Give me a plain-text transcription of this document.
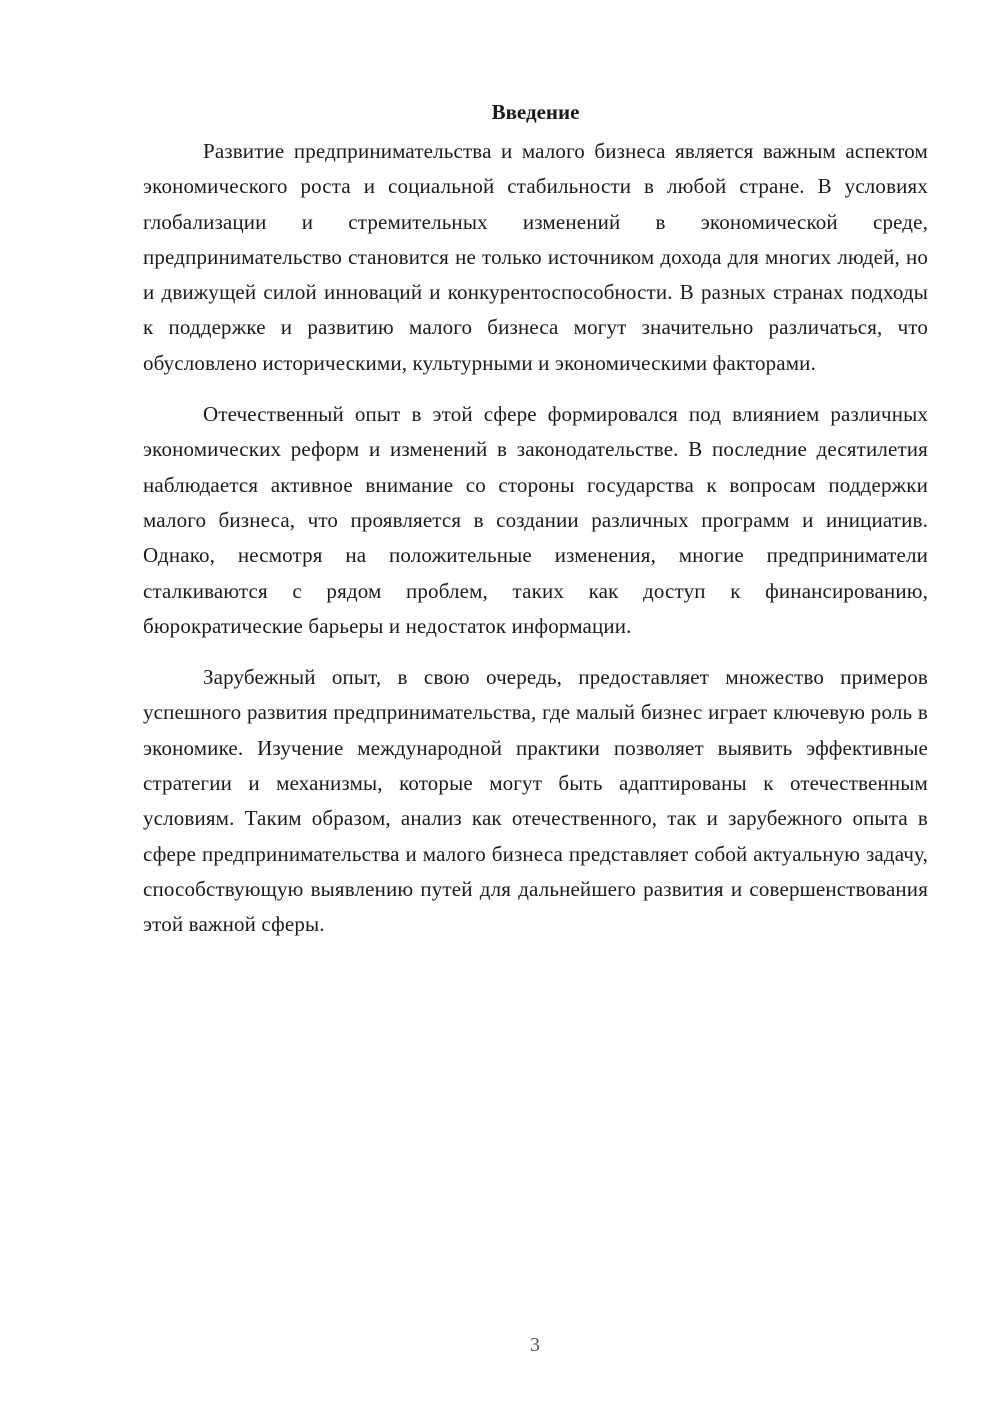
Введение

Развитие предпринимательства и малого бизнеса является важным аспектом экономического роста и социальной стабильности в любой стране. В условиях глобализации и стремительных изменений в экономической среде, предпринимательство становится не только источником дохода для многих людей, но и движущей силой инноваций и конкурентоспособности. В разных странах подходы к поддержке и развитию малого бизнеса могут значительно различаться, что обусловлено историческими, культурными и экономическими факторами.

Отечественный опыт в этой сфере формировался под влиянием различных экономических реформ и изменений в законодательстве. В последние десятилетия наблюдается активное внимание со стороны государства к вопросам поддержки малого бизнеса, что проявляется в создании различных программ и инициатив. Однако, несмотря на положительные изменения, многие предприниматели сталкиваются с рядом проблем, таких как доступ к финансированию, бюрократические барьеры и недостаток информации.

Зарубежный опыт, в свою очередь, предоставляет множество примеров успешного развития предпринимательства, где малый бизнес играет ключевую роль в экономике. Изучение международной практики позволяет выявить эффективные стратегии и механизмы, которые могут быть адаптированы к отечественным условиям. Таким образом, анализ как отечественного, так и зарубежного опыта в сфере предпринимательства и малого бизнеса представляет собой актуальную задачу, способствующую выявлению путей для дальнейшего развития и совершенствования этой важной сферы.

3
